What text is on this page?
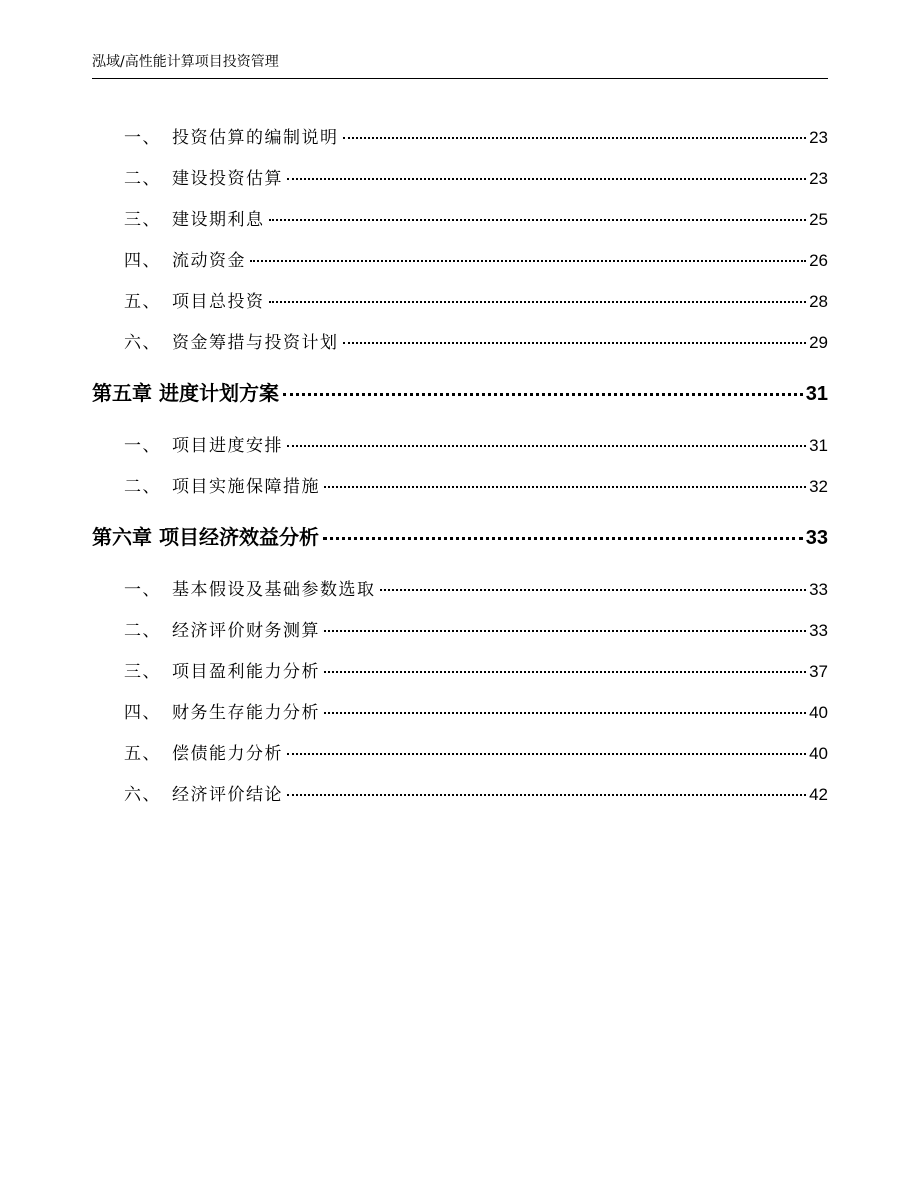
泓域/高性能计算项目投资管理
一、 投资估算的编制说明	23
二、 建设投资估算	23
三、 建设期利息	25
四、 流动资金	26
五、 项目总投资	28
六、 资金筹措与投资计划	29
第五章 进度计划方案	31
一、 项目进度安排	31
二、 项目实施保障措施	32
第六章 项目经济效益分析	33
一、 基本假设及基础参数选取	33
二、 经济评价财务测算	33
三、 项目盈利能力分析	37
四、 财务生存能力分析	40
五、 偿债能力分析	40
六、 经济评价结论	42
